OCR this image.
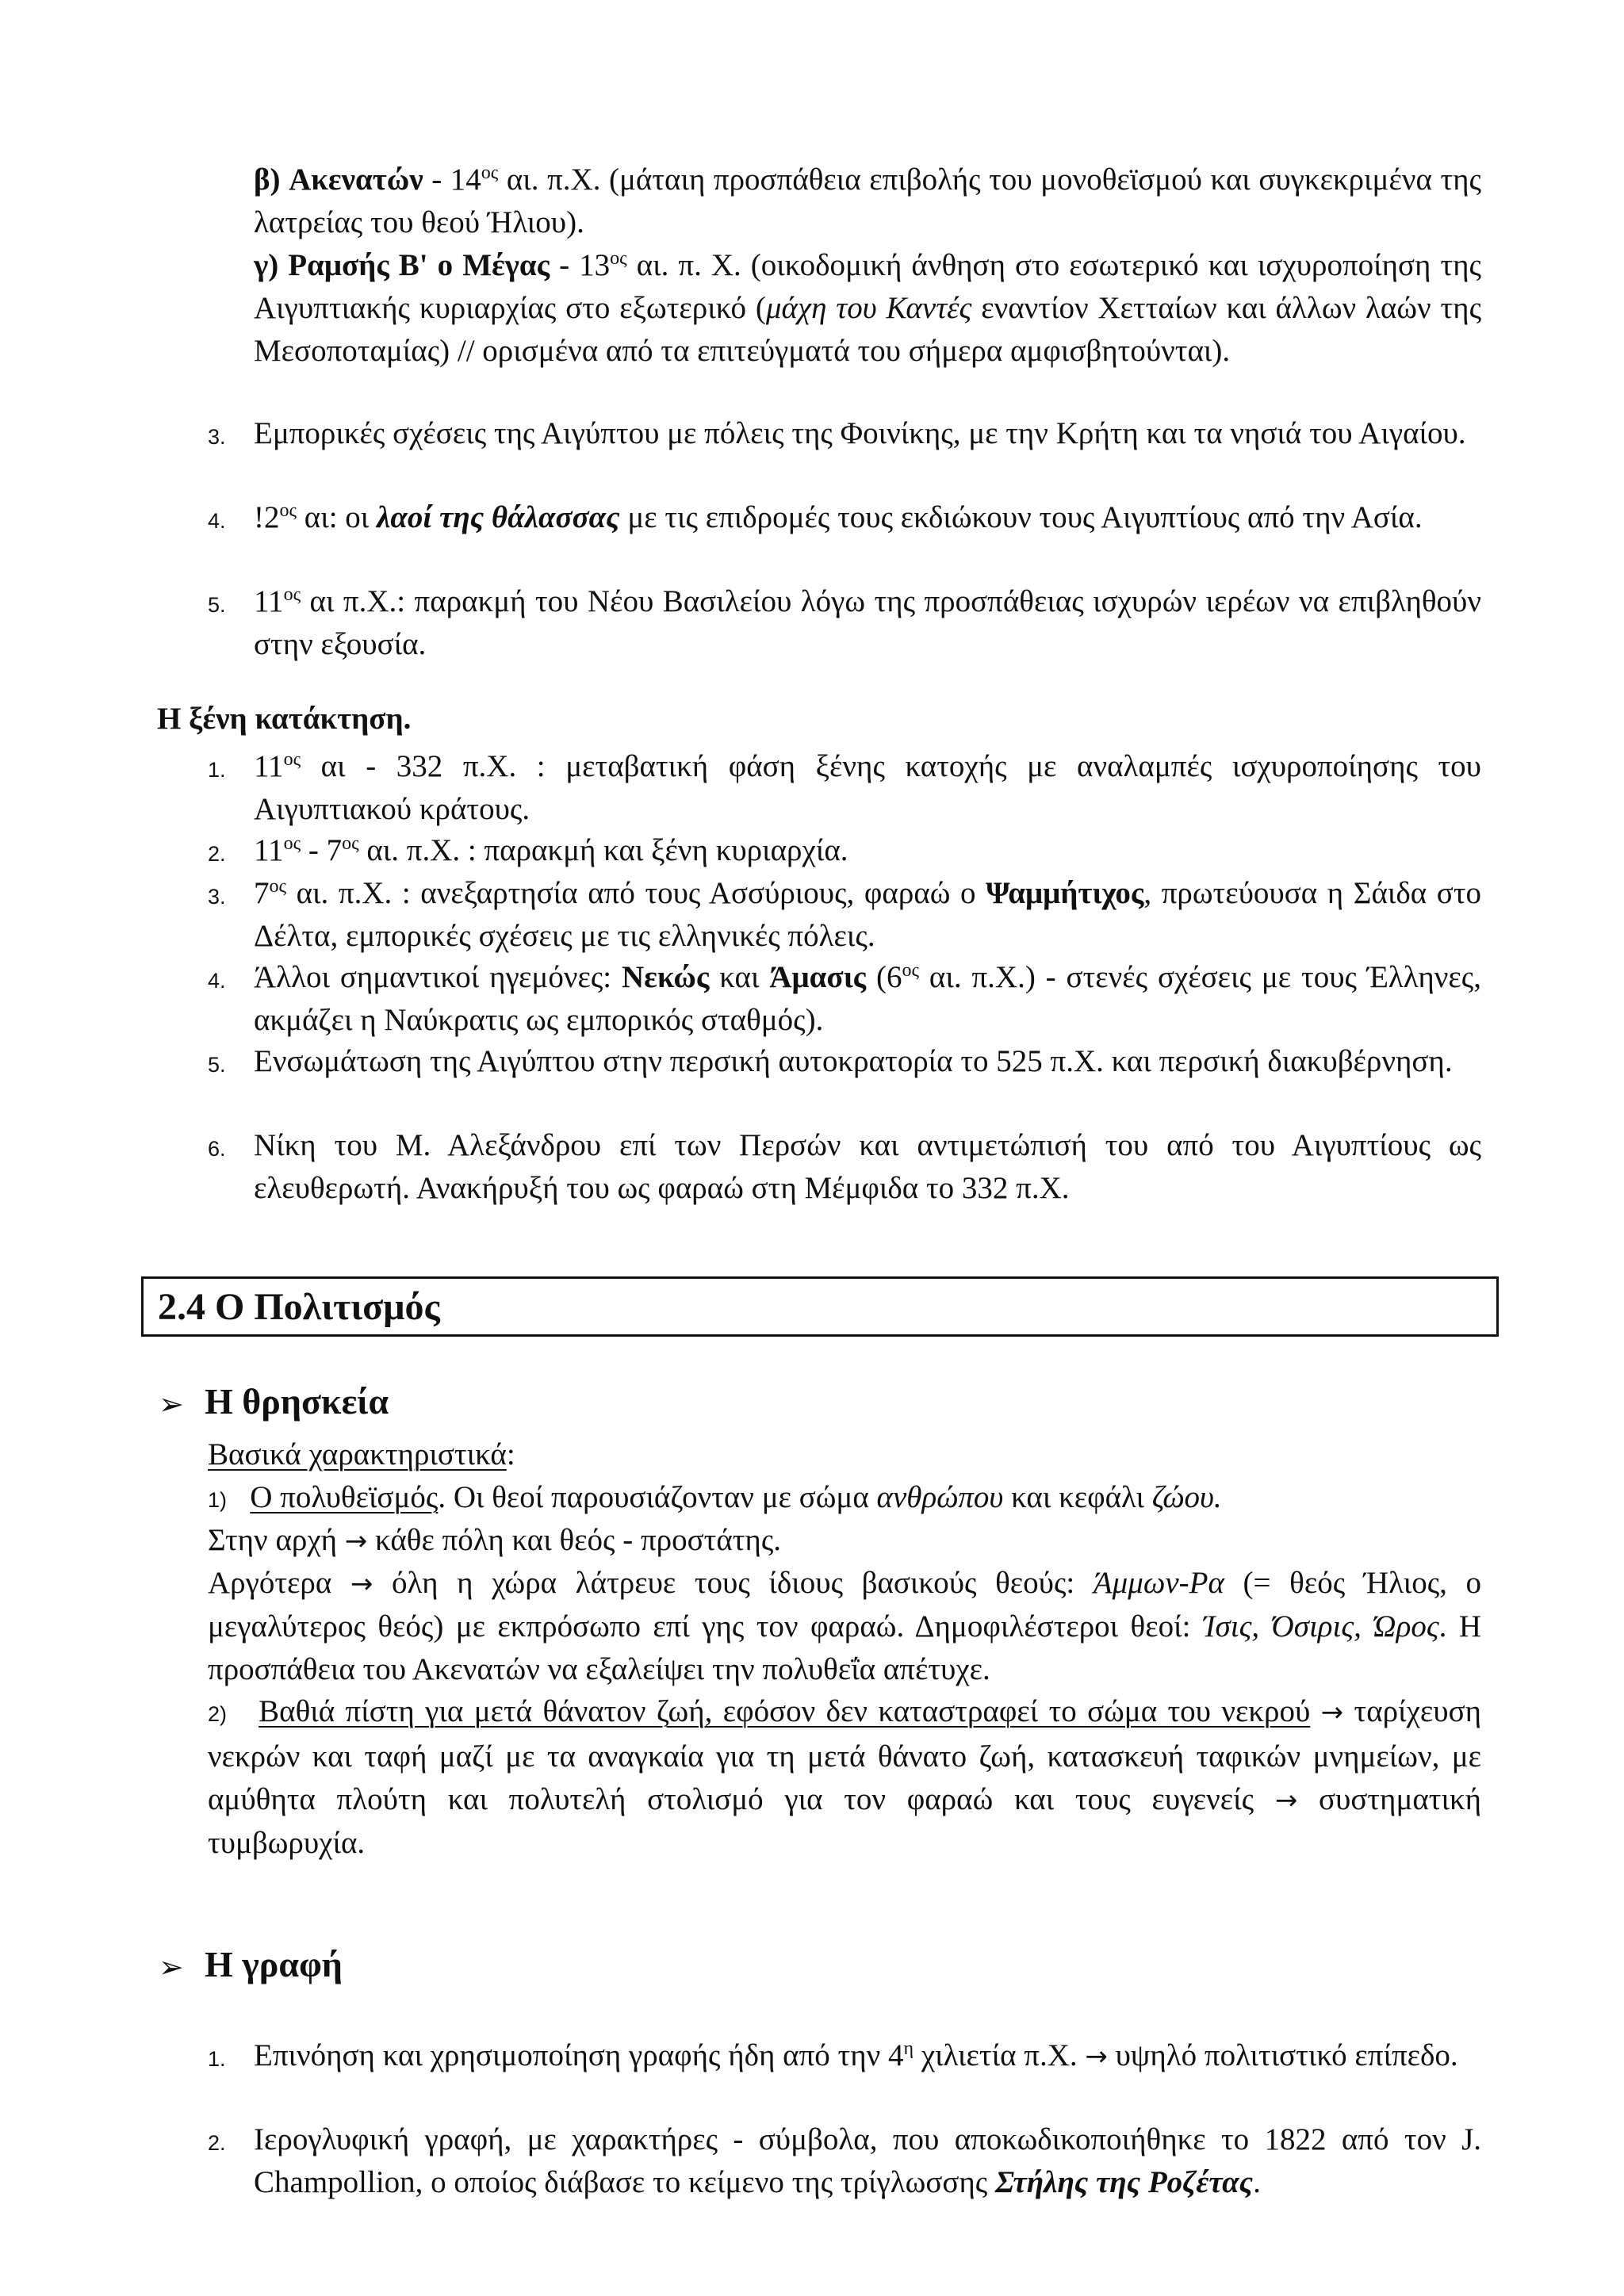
β) Ακενατών - $14^{o\varsigma}$ αι. π.Χ. (μάταιη προσπάθεια επιβολής του μονοθεϊσμού και συγκεκριμένα της λατρείας του θεού Ήλιου).
γ) Ραμσής Β' ο Μέγας - $13^{o\varsigma}$ αι. π. Χ. (οικοδομική άνθηση στο εσωτερικό και ισχυροποίηση της Αιγυπτιακής κυριαρχίας στο εξωτερικό (μάχη του Καντές εναντίον Χετταίων και άλλων λαών της Μεσοποταμίας) // ορισμένα από τα επιτεύγματά του σήμερα αμφισβητούνται).
3. Εμπορικές σχέσεις της Αιγύπτου με πόλεις της Φοινίκης, με την Κρήτη και τα νησιά του Αιγαίου.
4. $!2^{o\varsigma}$ αι: οι λαοί της θάλασσας με τις επιδρομές τους εκδιώκουν τους Αιγυπτίους από την Ασία.
5. $11^{o\varsigma}$ αι π.Χ.: παρακμή του Νέου Βασιλείου λόγω της προσπάθειας ισχυρών ιερέων να επιβληθούν στην εξουσία.
Η ξένη κατάκτηση.
1. $11^{o\varsigma}$ αι - 332 π.Χ. : μεταβατική φάση ξένης κατοχής με αναλαμπές ισχυροποίησης του Αιγυπτιακού κράτους.
2. $11^{o\varsigma} - 7^{o\varsigma}$ αι. π.Χ. : παρακμή και ξένη κυριαρχία.
3. $7^{o\varsigma}$ αι. π.Χ. : ανεξαρτησία από τους Ασσύριους, φαραώ ο Ψαμμήτιχος, πρωτεύουσα η Σάιδα στο Δέλτα, εμπορικές σχέσεις με τις ελληνικές πόλεις.
4. Άλλοι σημαντικοί ηγεμόνες: Νεκώς και Άμασις ($6^{o\varsigma}$ αι. π.Χ.) - στενές σχέσεις με τους Έλληνες, ακμάζει η Ναύκρατις ως εμπορικός σταθμός).
5. Ενσωμάτωση της Αιγύπτου στην περσική αυτοκρατορία το 525 π.Χ. και περσική διακυβέρνηση.
6. Νίκη του Μ. Αλεξάνδρου επί των Περσών και αντιμετώπισή του από του Αιγυπτίους ως ελευθερωτή. Ανακήρυξή του ως φαραώ στη Μέμφιδα το 332 π.Χ.
2.4 Ο Πολιτισμός
➢ Η θρησκεία
Βασικά χαρακτηριστικά:
1) Ο πολυθεϊσμός. Οι θεοί παρουσιάζονταν με σώμα ανθρώπου και κεφάλι ζώου.
Στην αρχή → κάθε πόλη και θεός - προστάτης.
Αργότερα → όλη η χώρα λάτρευε τους ίδιους βασικούς θεούς: Άμμων-Ρα (= θεός Ήλιος, ο μεγαλύτερος θεός) με εκπρόσωπο επί γης τον φαραώ. Δημοφιλέστεροι θεοί: Ίσις, Όσιρις, Ώρος. Η προσπάθεια του Ακενατών να εξαλείψει την πολυθεΐα απέτυχε.
2) Βαθιά πίστη για μετά θάνατον ζωή, εφόσον δεν καταστραφεί το σώμα του νεκρού → ταρίχευση νεκρών και ταφή μαζί με τα αναγκαία για τη μετά θάνατο ζωή, κατασκευή ταφικών μνημείων, με αμύθητα πλούτη και πολυτελή στολισμό για τον φαραώ και τους ευγενείς → συστηματική τυμβωρυχία.
➢ Η γραφή
1. Επινόηση και χρησιμοποίηση γραφής ήδη από την $4^\eta$ χιλιετία π.Χ. → υψηλό πολιτιστικό επίπεδο.
2. Ιερογλυφική γραφή, με χαρακτήρες - σύμβολα, που αποκωδικοποιήθηκε το 1822 από τον J. Champollion, ο οποίος διάβασε το κείμενο της τρίγλωσσης Στήλης της Ροζέτας.
